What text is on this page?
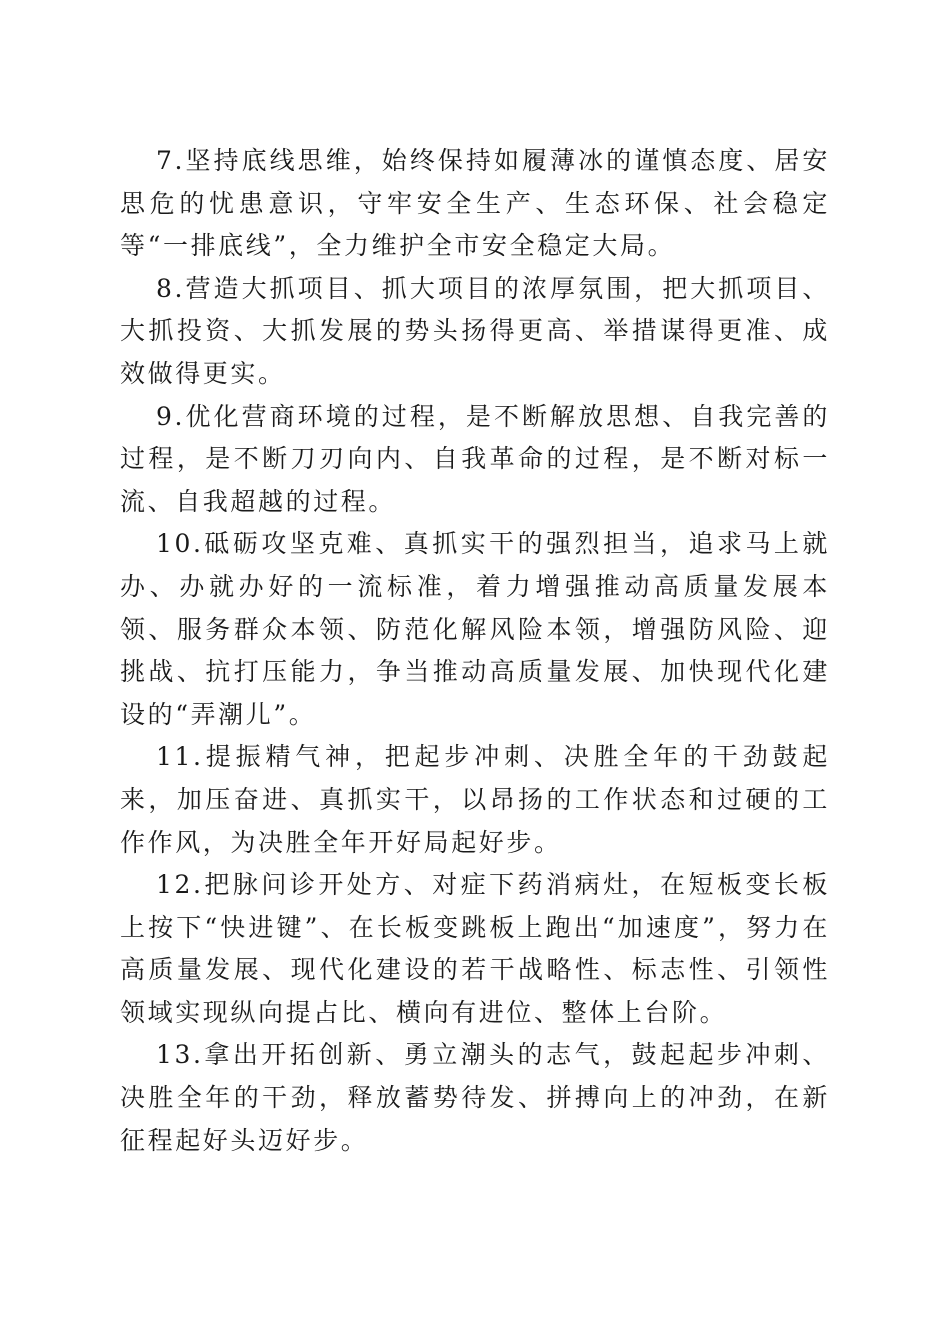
7.坚持底线思维，始终保持如履薄冰的谨慎态度、居安思危的忧患意识，守牢安全生产、生态环保、社会稳定等“一排底线”，全力维护全市安全稳定大局。

8.营造大抓项目、抓大项目的浓厚氛围，把大抓项目、大抓投资、大抓发展的势头扬得更高、举措谋得更准、成效做得更实。

9.优化营商环境的过程，是不断解放思想、自我完善的过程，是不断刀刃向内、自我革命的过程，是不断对标一流、自我超越的过程。

10.砥砺攻坚克难、真抓实干的强烈担当，追求马上就办、办就办好的一流标准，着力增强推动高质量发展本领、服务群众本领、防范化解风险本领，增强防风险、迎挑战、抗打压能力，争当推动高质量发展、加快现代化建设的“弄潮儿”。

11.提振精气神，把起步冲刺、决胜全年的干劲鼓起来，加压奋进、真抓实干，以昂扬的工作状态和过硬的工作作风，为决胜全年开好局起好步。

12.把脉问诊开处方、对症下药消病灶，在短板变长板上按下“快进键”、在长板变跳板上跑出“加速度”，努力在高质量发展、现代化建设的若干战略性、标志性、引领性领域实现纵向提占比、横向有进位、整体上台阶。

13.拿出开拓创新、勇立潮头的志气，鼓起起步冲刺、决胜全年的干劲，释放蓄势待发、拼搏向上的冲劲，在新征程起好头迈好步。
